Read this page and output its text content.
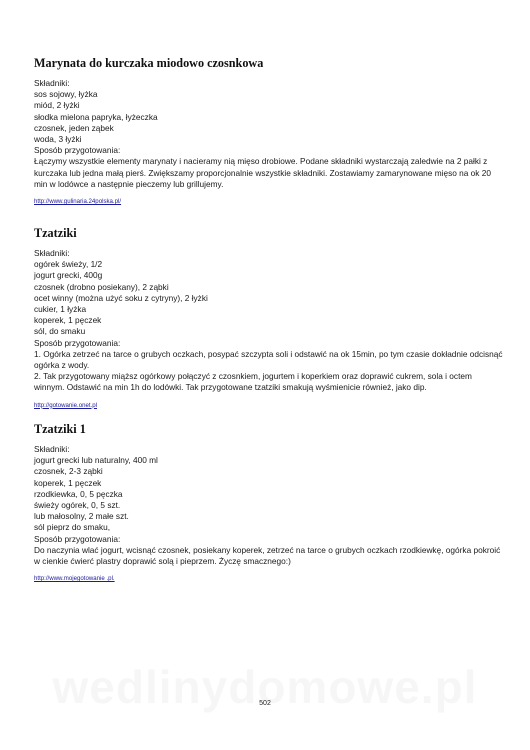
Marynata do kurczaka miodowo czosnkowa
Składniki:
sos sojowy, łyżka
miód, 2 łyżki
słodka mielona papryka, łyżeczka
czosnek, jeden ząbek
woda, 3 łyżki
Sposób przygotowania:
Łączymy wszystkie elementy marynaty i nacieramy nią mięso drobiowe. Podane składniki wystarczają zaledwie na 2 pałki z kurczaka lub jedna małą pierś. Zwiększamy proporcjonalnie wszystkie składniki. Zostawiamy zamarynowane mięso na ok 20 min w lodówce a następnie pieczemy lub grillujemy.
http://www.gulinaria.24polska.pl/
Tzatziki
Składniki:
ogórek świeży, 1/2
jogurt grecki, 400g
czosnek (drobno posiekany), 2 ząbki
ocet winny (można użyć soku z cytryny), 2 łyżki
cukier, 1 łyżka
koperek, 1 pęczek
sól, do smaku
Sposób przygotowania:
1. Ogórka zetrzeć na tarce o grubych oczkach, posypać szczypta soli i odstawić na ok 15min, po tym czasie dokładnie odcisnąć ogórka z wody.
2. Tak przygotowany miąższ ogórkowy połączyć z czosnkiem, jogurtem i koperkiem oraz doprawić cukrem, sola i octem winnym. Odstawić na min 1h do lodówki. Tak przygotowane tzatziki smakują wyśmienicie również, jako dip.
http://gotowanie.onet.pl
Tzatziki 1
Składniki:
jogurt grecki lub naturalny, 400 ml
czosnek, 2-3 ząbki
koperek, 1 pęczek
rzodkiewka, 0, 5 pęczka
świeży ogórek, 0, 5 szt.
lub małosolny, 2 małe szt.
sól pieprz do smaku,
Sposób przygotowania:
Do naczynia wlać jogurt, wcisnąć czosnek, posiekany koperek, zetrzeć na tarce o grubych oczkach rzodkiewkę, ogórka pokroić w cienkie ćwierć plastry doprawić solą i pieprzem. Życzę smacznego:)
http://www.mojegotowanie .pl.
502
